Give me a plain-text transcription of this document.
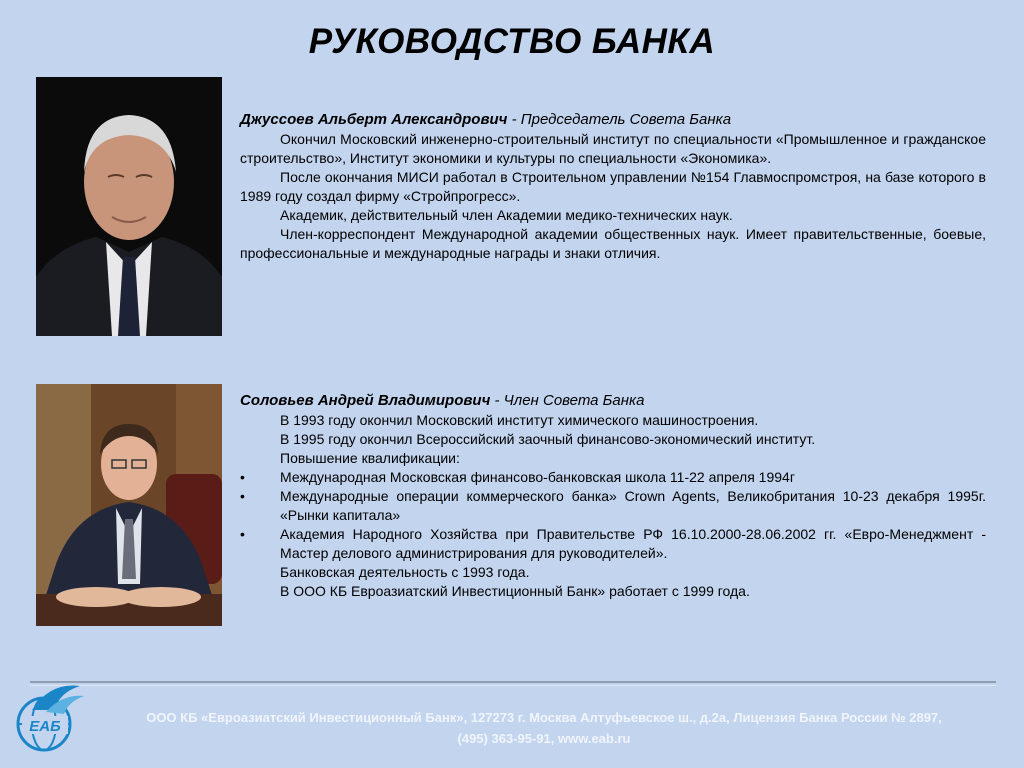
РУКОВОДСТВО БАНКА
Джуссоев Альберт Александрович - Председатель Совета Банка
Окончил Московский инженерно-строительный институт по специальности «Промышленное и гражданское строительство», Институт экономики и культуры по специальности «Экономика».
После окончания МИСИ работал в Строительном управлении №154 Главмоспромстроя, на базе которого в 1989 году создал фирму «Стройпрогресс».
Академик, действительный член Академии медико-технических наук.
Член-корреспондент Международной академии общественных наук. Имеет правительственные, боевые, профессиональные и международные награды и знаки отличия.
Соловьев Андрей Владимирович - Член Совета Банка
В 1993 году окончил Московский институт химического машиностроения.
В 1995 году окончил Всероссийский заочный финансово-экономический институт.
Повышение квалификации:
•	Международная Московская финансово-банковская школа 11-22 апреля 1994г
•	Международные операции коммерческого банка» Crown Agents, Великобритания 10-23 декабря 1995г. «Рынки капитала»
•	Академия Народного Хозяйства при Правительстве РФ 16.10.2000-28.06.2002 гг. «Евро-Менеджмент - Мастер делового администрирования для руководителей».
Банковская деятельность с 1993 года.
В ООО КБ Евроазиатский Инвестиционный Банк» работает с 1999 года.
ЕАБ
ООО КБ «Евроазиатский Инвестиционный Банк», 127273 г. Москва Алтуфьевское ш., д.2а, Лицензия Банка России № 2897,
(495) 363-95-91, www.eab.ru
